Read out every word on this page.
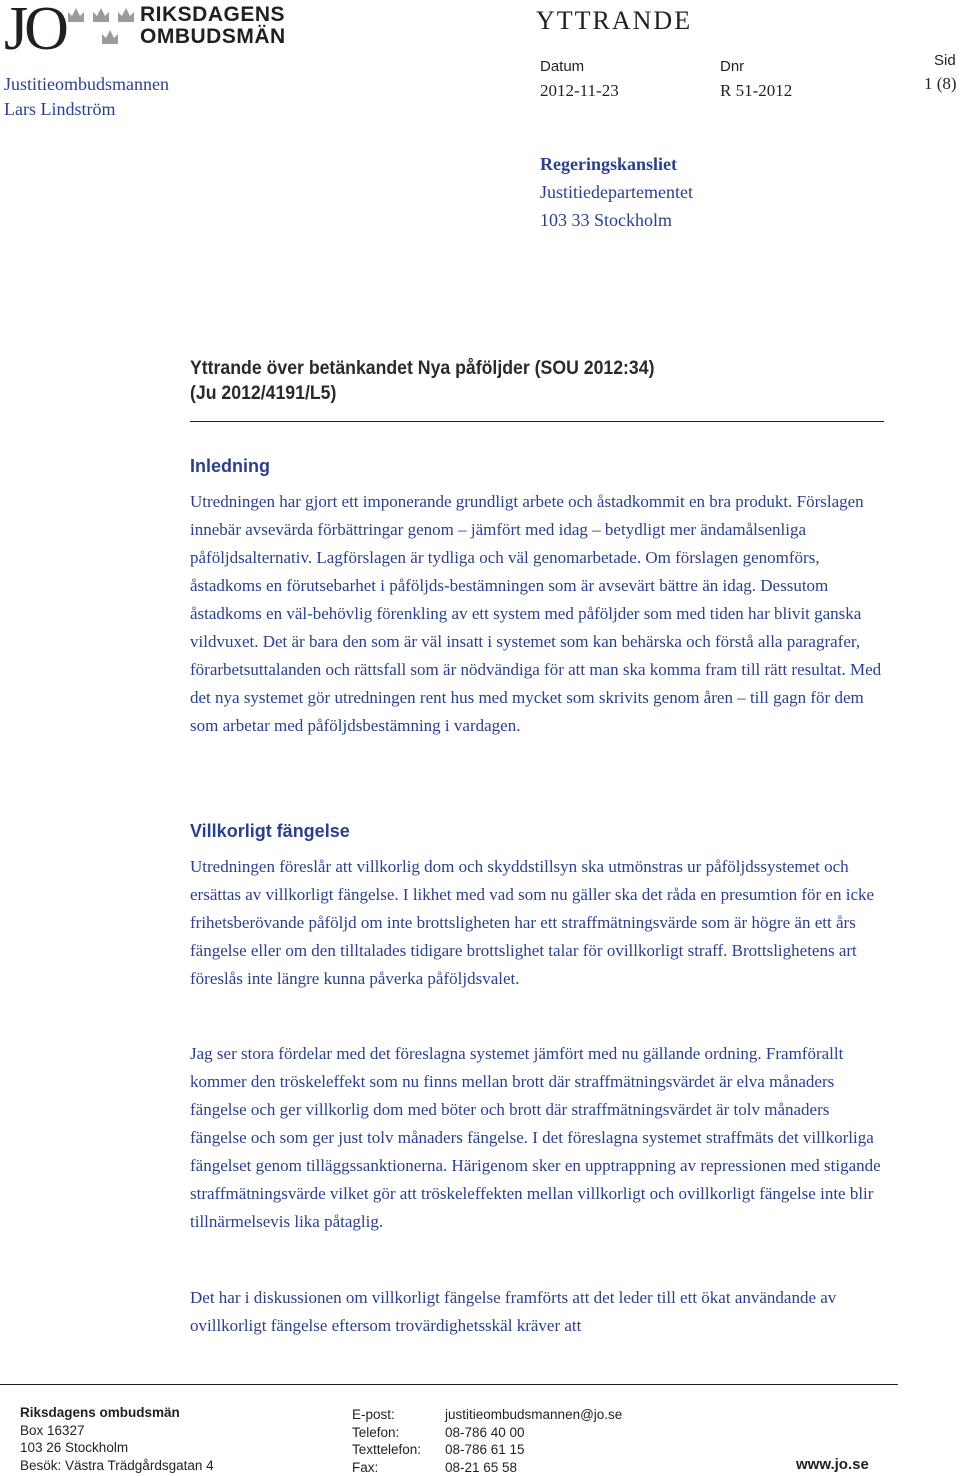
JO	RIKSDAGENS
OMBUDSMÄN
Justitieombudsmannen
Lars Lindström
YTTRANDE
Datum
2012-11-23
Dnr
R 51-2012
Sid
1 (8)
Regeringskansliet
Justitiedepartementet
103 33 Stockholm
Yttrande över betänkandet Nya påföljder (SOU 2012:34)
(Ju 2012/4191/L5)
Inledning

Utredningen har gjort ett imponerande grundligt arbete och åstadkommit en bra produkt. Förslagen innebär avsevärda förbättringar genom – jämfört med idag – betydligt mer ändamålsenliga påföljdsalternativ. Lagförslagen är tydliga och väl genomarbetade. Om förslagen genomförs, åstadkoms en förutsebarhet i påföljds-bestämningen som är avsevärt bättre än idag. Dessutom åstadkoms en väl-behövlig förenkling av ett system med påföljder som med tiden har blivit ganska vildvuxet. Det är bara den som är väl insatt i systemet som kan behärska och förstå alla paragrafer, förarbetsuttalanden och rättsfall som är nödvändiga för att man ska komma fram till rätt resultat. Med det nya systemet gör utredningen rent hus med mycket som skrivits genom åren – till gagn för dem som arbetar med påföljdsbestämning i vardagen.

Villkorligt fängelse

Utredningen föreslår att villkorlig dom och skyddstillsyn ska utmönstras ur påföljdssystemet och ersättas av villkorligt fängelse. I likhet med vad som nu gäller ska det råda en presumtion för en icke frihetsberövande påföljd om inte brottsligheten har ett straffmätningsvärde som är högre än ett års fängelse eller om den tilltalades tidigare brottslighet talar för ovillkorligt straff. Brottslighetens art föreslås inte längre kunna påverka påföljdsvalet.

Jag ser stora fördelar med det föreslagna systemet jämfört med nu gällande ordning. Framförallt kommer den tröskeleffekt som nu finns mellan brott där straffmätningsvärdet är elva månaders fängelse och ger villkorlig dom med böter och brott där straffmätningsvärdet är tolv månaders fängelse och som ger just tolv månaders fängelse. I det föreslagna systemet straffmäts det villkorliga fängelset genom tilläggssanktionerna. Härigenom sker en upptrappning av repressionen med stigande straffmätningsvärde vilket gör att tröskeleffekten mellan villkorligt och ovillkorligt fängelse inte blir tillnärmelsevis lika påtaglig.

Det har i diskussionen om villkorligt fängelse framförts att det leder till ett ökat användande av ovillkorligt fängelse eftersom trovärdighetsskäl kräver att

Riksdagens ombudsmän
Box 16327
103 26 Stockholm
Besök: Västra Trädgårdsgatan 4
E-post:
Telefon:
Texttelefon:
Fax:
justitieombudsmannen@jo.se
08-786 40 00
08-786 61 15
08-21 65 58	www.jo.se
